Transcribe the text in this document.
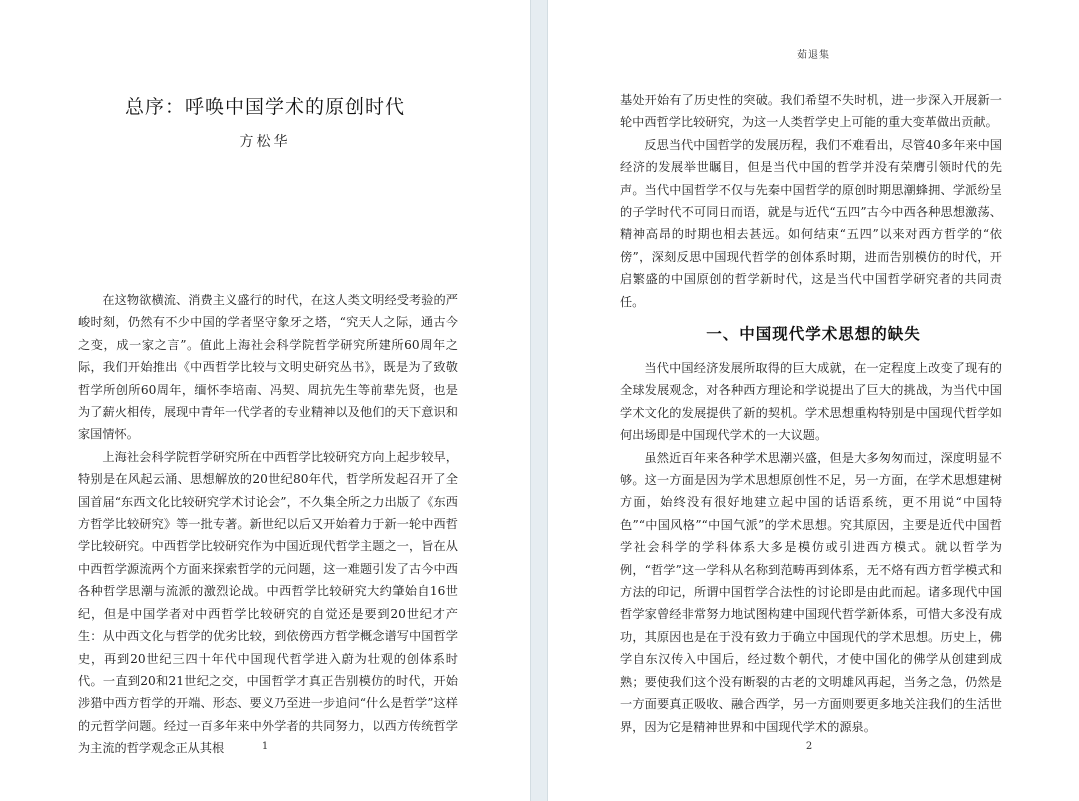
总序：呼唤中国学术的原创时代
方松华

在这物欲横流、消费主义盛行的时代，在这人类文明经受考验的严峻时刻，仍然有不少中国的学者坚守象牙之塔，“究天人之际，通古今之变，成一家之言”。值此上海社会科学院哲学研究所建所60周年之际，我们开始推出《中西哲学比较与文明史研究丛书》，既是为了致敬哲学所创所60周年，缅怀李培南、冯契、周抗先生等前辈先贤，也是为了薪火相传，展现中青年一代学者的专业精神以及他们的天下意识和家国情怀。

上海社会科学院哲学研究所在中西哲学比较研究方向上起步较早，特别是在风起云涌、思想解放的20世纪80年代，哲学所发起召开了全国首届“东西文化比较研究学术讨论会”，不久集全所之力出版了《东西方哲学比较研究》等一批专著。新世纪以后又开始着力于新一轮中西哲学比较研究。中西哲学比较研究作为中国近现代哲学主题之一，旨在从中西哲学源流两个方面来探索哲学的元问题，这一难题引发了古今中西各种哲学思潮与流派的激烈论战。中西哲学比较研究大约肇始自16世纪，但是中国学者对中西哲学比较研究的自觉还是要到20世纪才产生：从中西文化与哲学的优劣比较，到依傍西方哲学概念谱写中国哲学史，再到20世纪三四十年代中国现代哲学进入蔚为壮观的创体系时代。一直到20和21世纪之交，中国哲学才真正告别模仿的时代，开始涉猎中西方哲学的开端、形态、要义乃至进一步追问“什么是哲学”这样的元哲学问题。经过一百多年来中外学者的共同努力，以西方传统哲学为主流的哲学观念正从其根	1
茹退集

基处开始有了历史性的突破。我们希望不失时机，进一步深入开展新一轮中西哲学比较研究，为这一人类哲学史上可能的重大变革做出贡献。

反思当代中国哲学的发展历程，我们不难看出，尽管40多年来中国经济的发展举世瞩目，但是当代中国的哲学并没有荣膺引领时代的先声。当代中国哲学不仅与先秦中国哲学的原创时期思潮蜂拥、学派纷呈的子学时代不可同日而语，就是与近代“五四”古今中西各种思想激荡、精神高昂的时期也相去甚远。如何结束“五四”以来对西方哲学的“依傍”，深刻反思中国现代哲学的创体系时期，进而告别模仿的时代，开启繁盛的中国原创的哲学新时代，这是当代中国哲学研究者的共同责任。

一、中国现代学术思想的缺失

当代中国经济发展所取得的巨大成就，在一定程度上改变了现有的全球发展观念，对各种西方理论和学说提出了巨大的挑战，为当代中国学术文化的发展提供了新的契机。学术思想重构特别是中国现代哲学如何出场即是中国现代学术的一大议题。

虽然近百年来各种学术思潮兴盛，但是大多匆匆而过，深度明显不够。这一方面是因为学术思想原创性不足，另一方面，在学术思想建树方面，始终没有很好地建立起中国的话语系统，更不用说“中国特色”“中国风格”“中国气派”的学术思想。究其原因，主要是近代中国哲学社会科学的学科体系大多是模仿或引进西方模式。就以哲学为例，“哲学”这一学科从名称到范畴再到体系，无不烙有西方哲学模式和方法的印记，所谓中国哲学合法性的讨论即是由此而起。诸多现代中国哲学家曾经非常努力地试图构建中国现代哲学新体系，可惜大多没有成功，其原因也是在于没有致力于确立中国现代的学术思想。历史上，佛学自东汉传入中国后，经过数个朝代，才使中国化的佛学从创建到成熟；要使我们这个没有断裂的古老的文明雄风再起，当务之急，仍然是一方面要真正吸收、融合西学，另一方面则要更多地关注我们的生活世界，因为它是精神世界和中国现代学术的源泉。

2
